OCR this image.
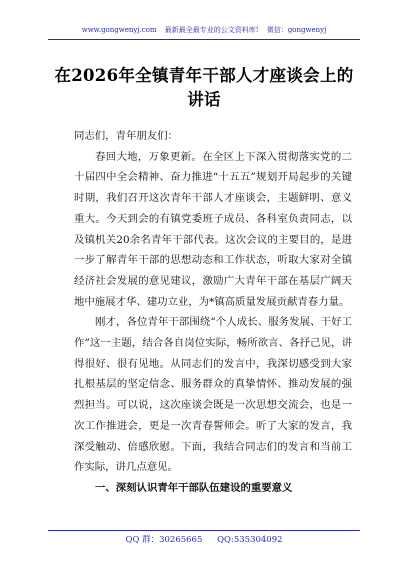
www.gongwenyj.com 最新最全最专业的公文资料库! 微信：gongwenyj
在2026年全镇青年干部人才座谈会上的讲话

同志们，青年朋友们：

春回大地，万象更新。在全区上下深入贯彻落实党的二十届四中全会精神、奋力推进“十五五”规划开局起步的关键时期，我们召开这次青年干部人才座谈会，主题鲜明、意义重大。今天到会的有镇党委班子成员、各科室负责同志，以及镇机关20余名青年干部代表。这次会议的主要目的，是进一步了解青年干部的思想动态和工作状态，听取大家对全镇经济社会发展的意见建议，激励广大青年干部在基层广阔天地中施展才华、建功立业，为*镇高质量发展贡献青春力量。

刚才，各位青年干部围绕“个人成长、服务发展、干好工作”这一主题，结合各自岗位实际，畅所欲言、各抒己见，讲得很好、很有见地。从同志们的发言中，我深切感受到大家扎根基层的坚定信念、服务群众的真挚情怀、推动发展的强烈担当。可以说，这次座谈会既是一次思想交流会，也是一次工作推进会，更是一次青春誓师会。听了大家的发言，我深受触动、倍感欣慰。下面，我结合同志们的发言和当前工作实际，讲几点意见。

一、深刻认识青年干部队伍建设的重要意义

QQ 群：30265665 QQ:535304092
